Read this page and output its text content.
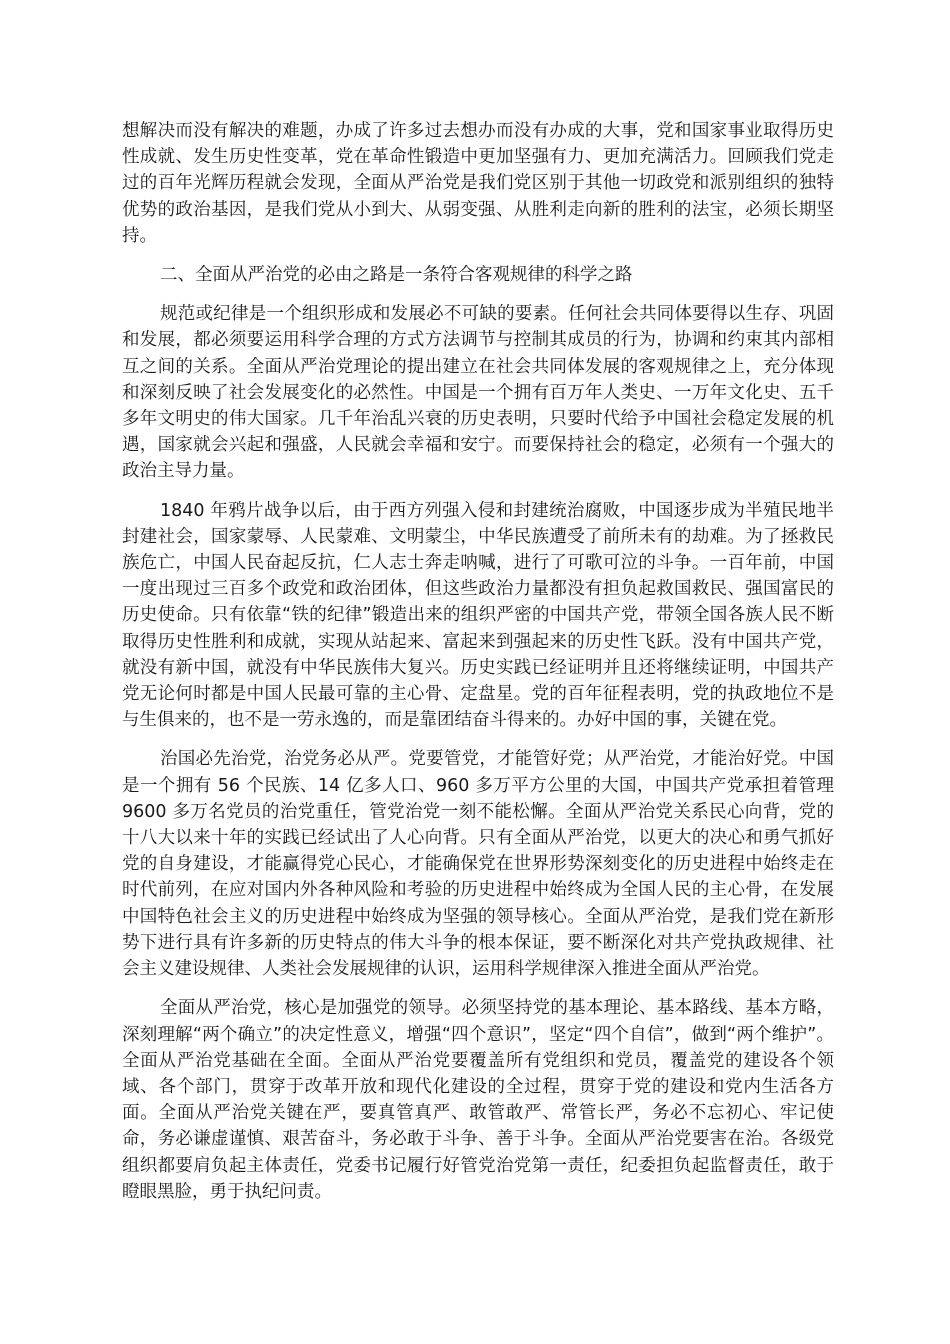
想解决而没有解决的难题，办成了许多过去想办而没有办成的大事，党和国家事业取得历史性成就、发生历史性变革，党在革命性锻造中更加坚强有力、更加充满活力。回顾我们党走过的百年光辉历程就会发现，全面从严治党是我们党区别于其他一切政党和派别组织的独特优势的政治基因，是我们党从小到大、从弱变强、从胜利走向新的胜利的法宝，必须长期坚持。

二、全面从严治党的必由之路是一条符合客观规律的科学之路

规范或纪律是一个组织形成和发展必不可缺的要素。任何社会共同体要得以生存、巩固和发展，都必须要运用科学合理的方式方法调节与控制其成员的行为，协调和约束其内部相互之间的关系。全面从严治党理论的提出建立在社会共同体发展的客观规律之上，充分体现和深刻反映了社会发展变化的必然性。中国是一个拥有百万年人类史、一万年文化史、五千多年文明史的伟大国家。几千年治乱兴衰的历史表明，只要时代给予中国社会稳定发展的机遇，国家就会兴起和强盛，人民就会幸福和安宁。而要保持社会的稳定，必须有一个强大的政治主导力量。

1840 年鸦片战争以后，由于西方列强入侵和封建统治腐败，中国逐步成为半殖民地半封建社会，国家蒙辱、人民蒙难、文明蒙尘，中华民族遭受了前所未有的劫难。为了拯救民族危亡，中国人民奋起反抗，仁人志士奔走呐喊，进行了可歌可泣的斗争。一百年前，中国一度出现过三百多个政党和政治团体，但这些政治力量都没有担负起救国救民、强国富民的历史使命。只有依靠“铁的纪律”锻造出来的组织严密的中国共产党，带领全国各族人民不断取得历史性胜利和成就，实现从站起来、富起来到强起来的历史性飞跃。没有中国共产党，就没有新中国，就没有中华民族伟大复兴。历史实践已经证明并且还将继续证明，中国共产党无论何时都是中国人民最可靠的主心骨、定盘星。党的百年征程表明，党的执政地位不是与生俱来的，也不是一劳永逸的，而是靠团结奋斗得来的。办好中国的事，关键在党。

治国必先治党，治党务必从严。党要管党，才能管好党；从严治党，才能治好党。中国是一个拥有 56 个民族、14 亿多人口、960 多万平方公里的大国，中国共产党承担着管理 9600 多万名党员的治党重任，管党治党一刻不能松懈。全面从严治党关系民心向背，党的十八大以来十年的实践已经试出了人心向背。只有全面从严治党，以更大的决心和勇气抓好党的自身建设，才能赢得党心民心，才能确保党在世界形势深刻变化的历史进程中始终走在时代前列，在应对国内外各种风险和考验的历史进程中始终成为全国人民的主心骨，在发展中国特色社会主义的历史进程中始终成为坚强的领导核心。全面从严治党，是我们党在新形势下进行具有许多新的历史特点的伟大斗争的根本保证，要不断深化对共产党执政规律、社会主义建设规律、人类社会发展规律的认识，运用科学规律深入推进全面从严治党。

全面从严治党，核心是加强党的领导。必须坚持党的基本理论、基本路线、基本方略，深刻理解“两个确立”的决定性意义，增强“四个意识”，坚定“四个自信”，做到“两个维护”。全面从严治党基础在全面。全面从严治党要覆盖所有党组织和党员，覆盖党的建设各个领域、各个部门，贯穿于改革开放和现代化建设的全过程，贯穿于党的建设和党内生活各方面。全面从严治党关键在严，要真管真严、敢管敢严、常管长严，务必不忘初心、牢记使命，务必谦虚谨慎、艰苦奋斗，务必敢于斗争、善于斗争。全面从严治党要害在治。各级党组织都要肩负起主体责任，党委书记履行好管党治党第一责任，纪委担负起监督责任，敢于瞪眼黑脸，勇于执纪问责。
